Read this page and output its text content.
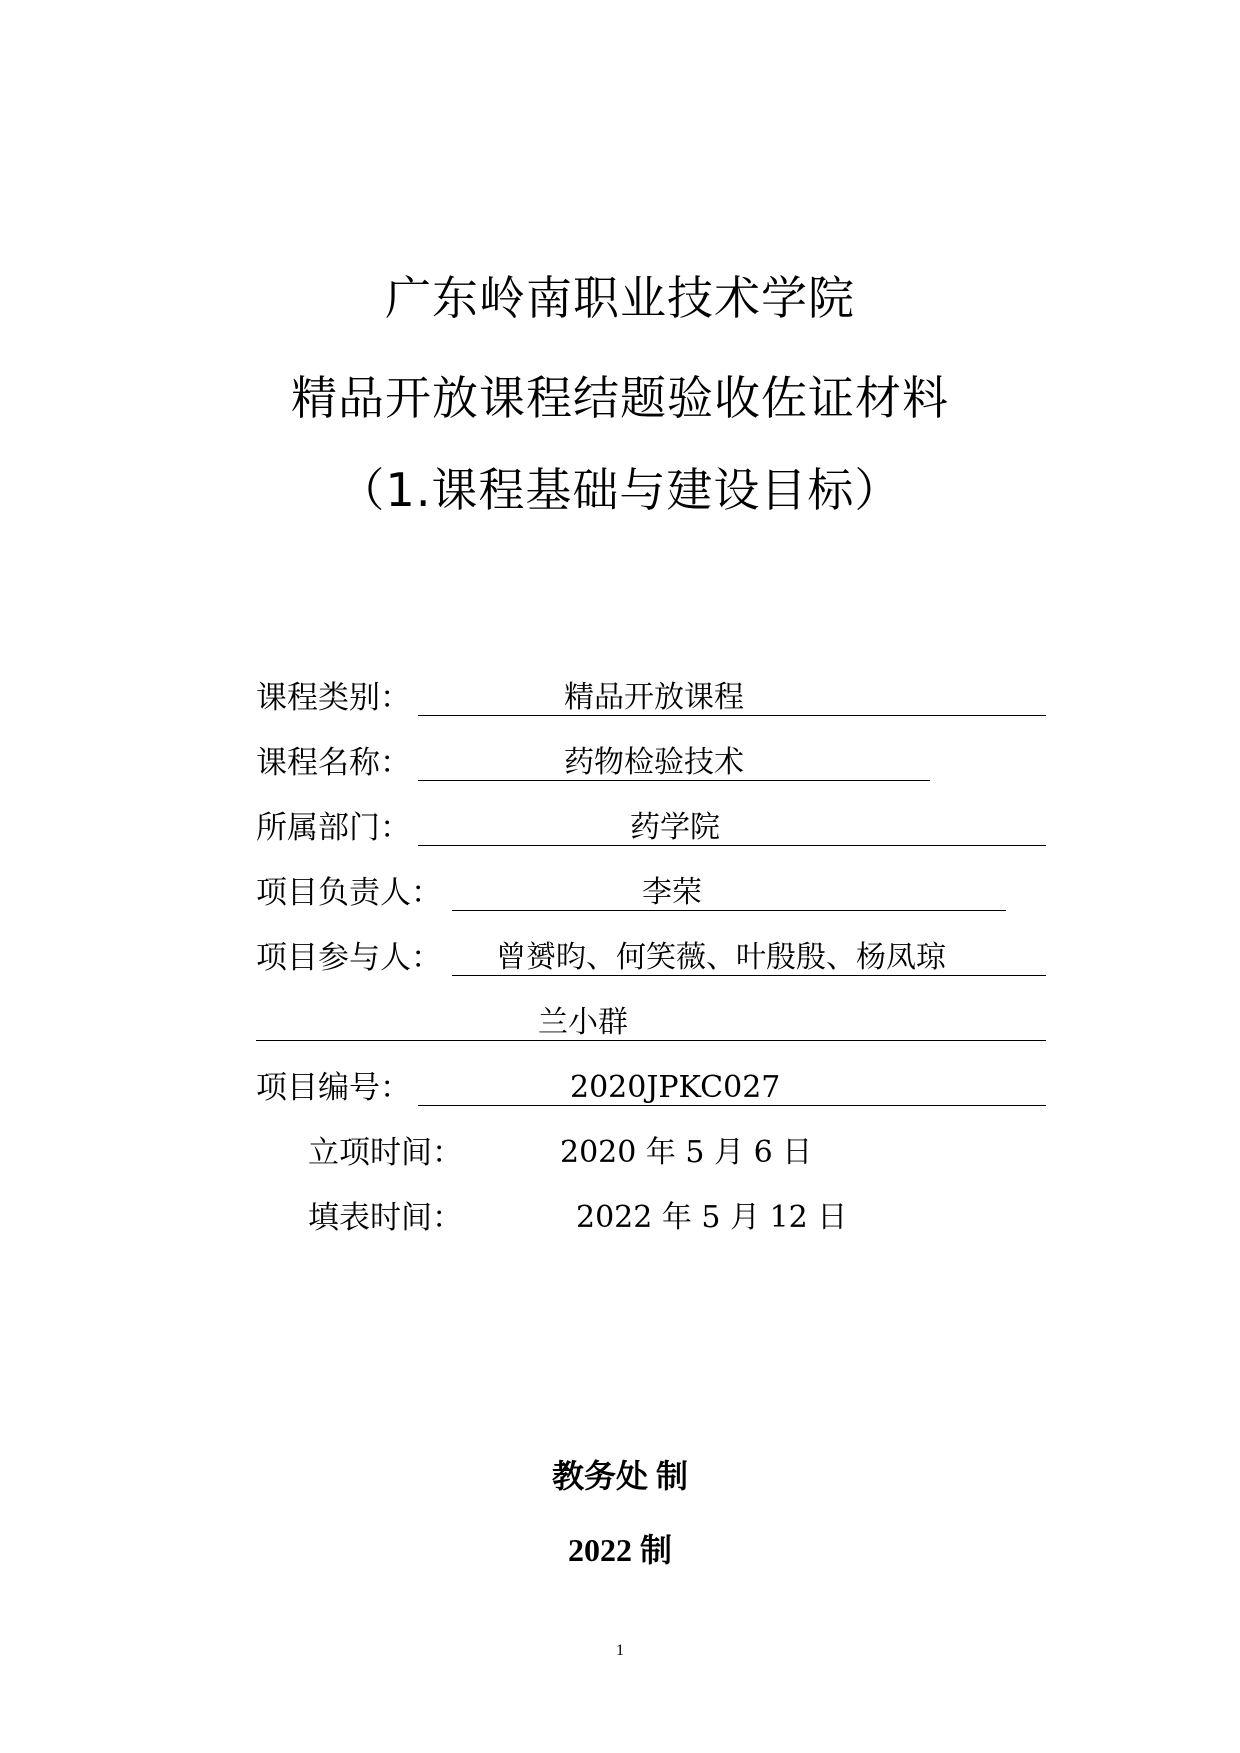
广东岭南职业技术学院
精品开放课程结题验收佐证材料
（1.课程基础与建设目标）
课程类别：	精品开放课程
课程名称：	药物检验技术
所属部门：	药学院
项目负责人：	李荣
项目参与人： 曾赟昀、何笑薇、叶殷殷、杨凤琼
兰小群
项目编号：	2020JPKC027
立项时间：	2020 年 5 月 6 日
填表时间：	2022 年 5 月 12 日
教务处 制
2022 制
1
